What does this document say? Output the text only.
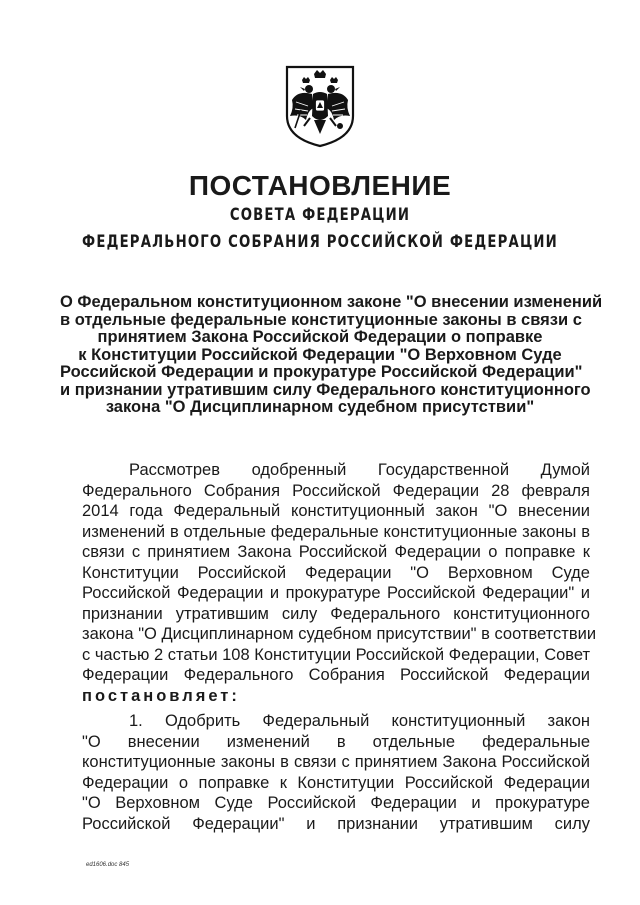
ПОСТАНОВЛЕНИЕ
СОВЕТА ФЕДЕРАЦИИ
ФЕДЕРАЛЬНОГО СОБРАНИЯ РОССИЙСКОЙ ФЕДЕРАЦИИ
О Федеральном конституционном законе "О внесении изменений
в отдельные федеральные конституционные законы в связи с
принятием Закона Российской Федерации о поправке
к Конституции Российской Федерации "О Верховном Суде
Российской Федерации и прокуратуре Российской Федерации"
и признании утратившим силу Федерального конституционного
закона "О Дисциплинарном судебном присутствии"
Рассмотрев одобренный Государственной Думой
Федерального Собрания Российской Федерации 28 февраля
2014 года Федеральный конституционный закон "О внесении
изменений в отдельные федеральные конституционные законы в
связи с принятием Закона Российской Федерации о поправке к
Конституции Российской Федерации "О Верховном Суде
Российской Федерации и прокуратуре Российской Федерации" и
признании утратившим силу Федерального конституционного
закона "О Дисциплинарном судебном присутствии" в соответствии
с частью 2 статьи 108 Конституции Российской Федерации, Совет
Федерации Федерального Собрания Российской Федерации
постановляет:
1. Одобрить Федеральный конституционный закон
"О внесении изменений в отдельные федеральные
конституционные законы в связи с принятием Закона Российской
Федерации о поправке к Конституции Российской Федерации
"О Верховном Суде Российской Федерации и прокуратуре
Российской Федерации" и признании утратившим силу
ed1606.doc 845
